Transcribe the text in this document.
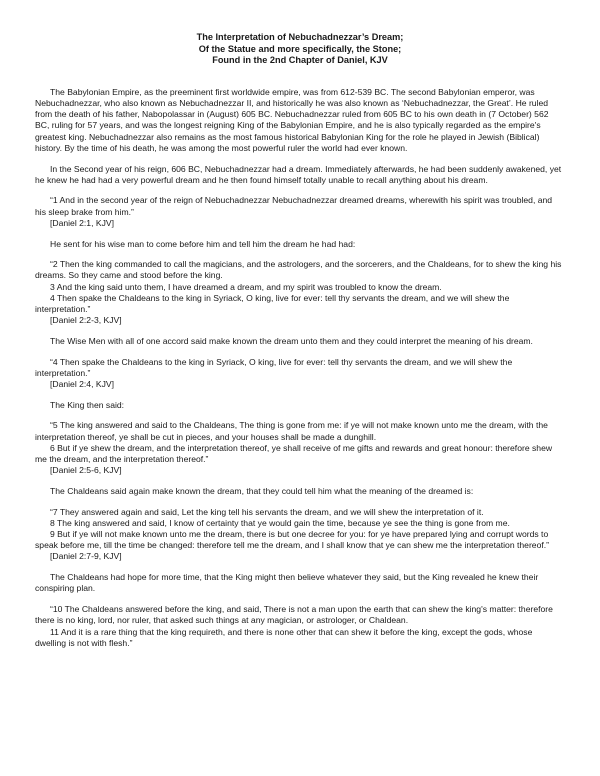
The Interpretation of Nebuchadnezzar’s Dream;
Of the Statue and more specifically, the Stone;
Found in the 2nd Chapter of Daniel, KJV

The Babylonian Empire, as the preeminent first worldwide empire, was from 612-539 BC. The second Babylonian emperor, was Nebuchadnezzar, who also known as Nebuchadnezzar II, and historically he was also known as ‘Nebuchadnezzar, the Great’. He ruled from the death of his father, Nabopolassar in (August) 605 BC. Nebuchadnezzar ruled from 605 BC to his own death in (7 October) 562 BC, ruling for 57 years, and was the longest reigning King of the Babylonian Empire, and he is also typically regarded as the empire's greatest king. Nebuchadnezzar also remains as the most famous historical Babylonian King for the role he played in Jewish (Biblical) history. By the time of his death, he was among the most powerful ruler the world had ever known.

In the Second year of his reign, 606 BC, Nebuchadnezzar had a dream. Immediately afterwards, he had been suddenly awakened, yet he knew he had had a very powerful dream and he then found himself totally unable to recall anything about his dream.

“1 And in the second year of the reign of Nebuchadnezzar Nebuchadnezzar dreamed dreams, wherewith his spirit was troubled, and his sleep brake from him.”

[Daniel 2:1, KJV]

He sent for his wise man to come before him and tell him the dream he had had:

“2 Then the king commanded to call the magicians, and the astrologers, and the sorcerers, and the Chaldeans, for to shew the king his dreams. So they came and stood before the king.

3 And the king said unto them, I have dreamed a dream, and my spirit was troubled to know the dream.

4 Then spake the Chaldeans to the king in Syriack, O king, live for ever: tell thy servants the dream, and we will shew the interpretation.”

[Daniel 2:2-3, KJV]

The Wise Men with all of one accord said make known the dream unto them and they could interpret the meaning of his dream.

“4 Then spake the Chaldeans to the king in Syriack, O king, live for ever: tell thy servants the dream, and we will shew the interpretation.”

[Daniel 2:4, KJV]

The King then said:

“5 The king answered and said to the Chaldeans, The thing is gone from me: if ye will not make known unto me the dream, with the interpretation thereof, ye shall be cut in pieces, and your houses shall be made a dunghill.

6 But if ye shew the dream, and the interpretation thereof, ye shall receive of me gifts and rewards and great honour: therefore shew me the dream, and the interpretation thereof.”

[Daniel 2:5-6, KJV]

The Chaldeans said again make known the dream, that they could tell him what the meaning of the dreamed is:

“7 They answered again and said, Let the king tell his servants the dream, and we will shew the interpretation of it.

8 The king answered and said, I know of certainty that ye would gain the time, because ye see the thing is gone from me.

9 But if ye will not make known unto me the dream, there is but one decree for you: for ye have prepared lying and corrupt words to speak before me, till the time be changed: therefore tell me the dream, and I shall know that ye can shew me the interpretation thereof.”

[Daniel 2:7-9, KJV]

The Chaldeans had hope for more time, that the King might then believe whatever they said, but the King revealed he knew their conspiring plan.

“10 The Chaldeans answered before the king, and said, There is not a man upon the earth that can shew the king's matter: therefore there is no king, lord, nor ruler, that asked such things at any magician, or astrologer, or Chaldean.

11 And it is a rare thing that the king requireth, and there is none other that can shew it before the king, except the gods, whose dwelling is not with flesh.”
